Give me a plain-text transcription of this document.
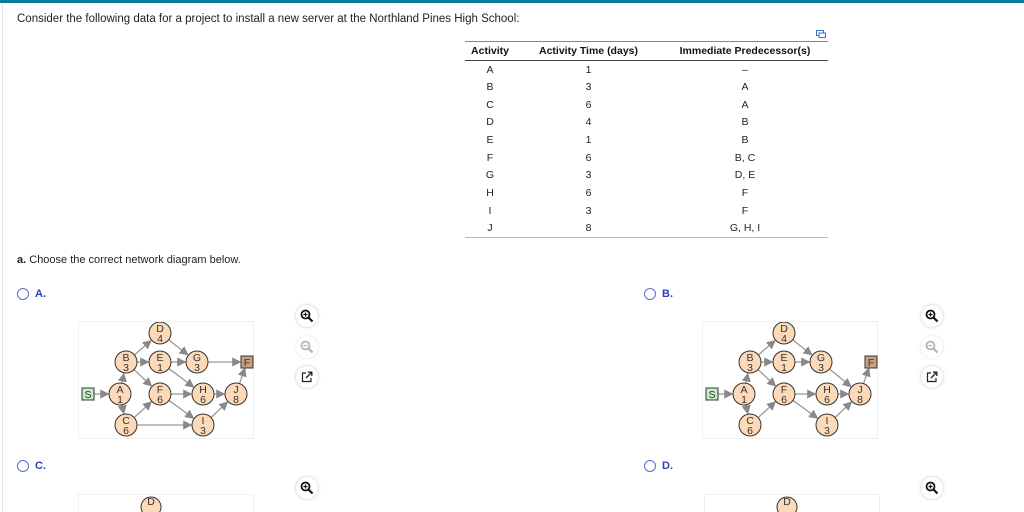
Consider the following data for a project to install a new server at the Northland Pines High School:
Activity	Activity Time (days)	Immediate Predecessor(s)
A	1	–
B	3	A
C	6	A
D	4	B
E	1	B
F	6	B, C
G	3	D, E
H	6	F
I	3	F
J	8	G, H, I
a. Choose the correct network diagram below.
A.
S
F
A
1
B
3
C
6
D
4
E
1
F
6
G
3
H
6
I
3
J
8
B.
S
F
A
1
B
3
C
6
D
4
E
1
F
6
G
3
H
6
I
3
J
8
C.
D
D.
D
